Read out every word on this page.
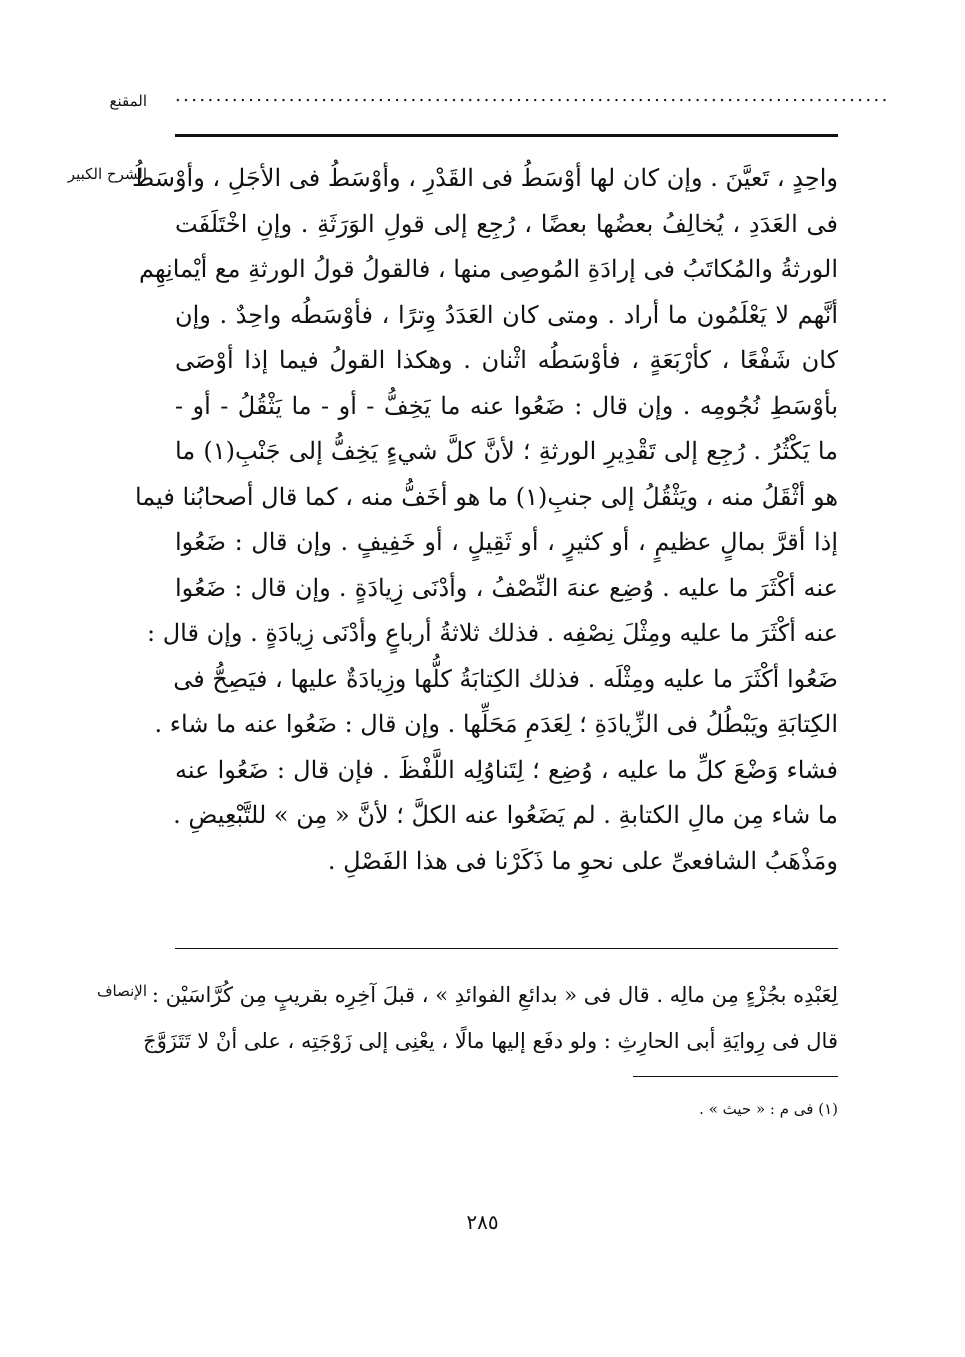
المقنع ........................................................................................
الشرح الكبير
واحِدٍ ، تَعيَّنَ . وإن كان لها أوْسَطُ فى القَدْرِ ، وأوْسَطُ فى الأجَلِ ، وأوْسَطُ
فى العَدَدِ ، يُخالِفُ بعضُها بعضًا ، رُجِع إلى قولِ الوَرَثَةِ . وإنِ اخْتَلَفَت
الورثةُ والمُكاتَبُ فى إرادَةِ المُوصِى منها ، فالقولُ قولُ الورثةِ مع أيْمانِهِم
أنَّهم لا يَعْلَمُون ما أراد . ومتى كان العَدَدُ وِترًا ، فأوْسَطُه واحِدٌ . وإن
كان شَفْعًا ، كأرْبَعَةٍ ، فأوْسَطُه اثْنان . وهكذا القولُ فيما إذا أوْصَى
بأوْسَطِ نُجُومِه . وإن قال : ضَعُوا عنه ما يَخِفُّ - أو - ما يَثْقُلُ - أو -
ما يَكْثُرُ . رُجِع إلى تَقْدِيرِ الورثةِ ؛ لأنَّ كلَّ شيءٍ يَخِفُّ إلى جَنْبِ(١) ما
هو أثْقَلُ منه ، ويَثْقُلُ إلى جنبِ(١) ما هو أخَفُّ منه ، كما قال أصحابُنا فيما
إذا أقرَّ بمالٍ عظيمٍ ، أو كثيرٍ ، أو ثَقِيلٍ ، أو خَفِيفٍ . وإن قال : ضَعُوا
عنه أكْثَرَ ما عليه . وُضِع عنهَ النِّصْفُ ، وأدْنَى زِيادَةٍ . وإن قال : ضَعُوا
عنه أكْثَرَ ما عليه ومِثْلَ نِصْفِه . فذلك ثلاثةُ أرباعٍ وأدْنَى زِيادَةٍ . وإن قال :
ضَعُوا أكْثَرَ ما عليه ومِثْلَه . فذلك الكِتابَةُ كلُّها وزِيادَةٌ عليها ، فيَصِحُّ فى
الكِتابَةِ ويَبْطُلُ فى الزِّيادَةِ ؛ لِعَدَمِ مَحَلِّها . وإن قال : ضَعُوا عنه ما شاء .
فشاء وَضْعَ كلِّ ما عليه ، وُضِع ؛ لِتَناوُلِه اللَّفْظَ . فإن قال : ضَعُوا عنه
ما شاء مِن مالِ الكتابةِ . لم يَضَعُوا عنه الكلَّ ؛ لأنَّ « مِن » للتَّبْعِيضِ .
ومَذْهَبُ الشافعىِّ على نحوِ ما ذَكَرْنا فى هذا الفَصْلِ .
الإنصاف لِعَبْدِه بجُزْءٍ مِن مالِه . قال فى « بدائعِ الفوائدِ » ، قبلَ آخِرِه بقريبٍ مِن كُرَّاسَيْن :
قال فى رِوايَةِ أبى الحارِثِ : ولو دفَع إليها مالًا ، يعْنِى إلى زَوْجَتِه ، على أنْ لا تَتَزَوَّجَ
(١) فى م : « حيث » .
٢٨٥
